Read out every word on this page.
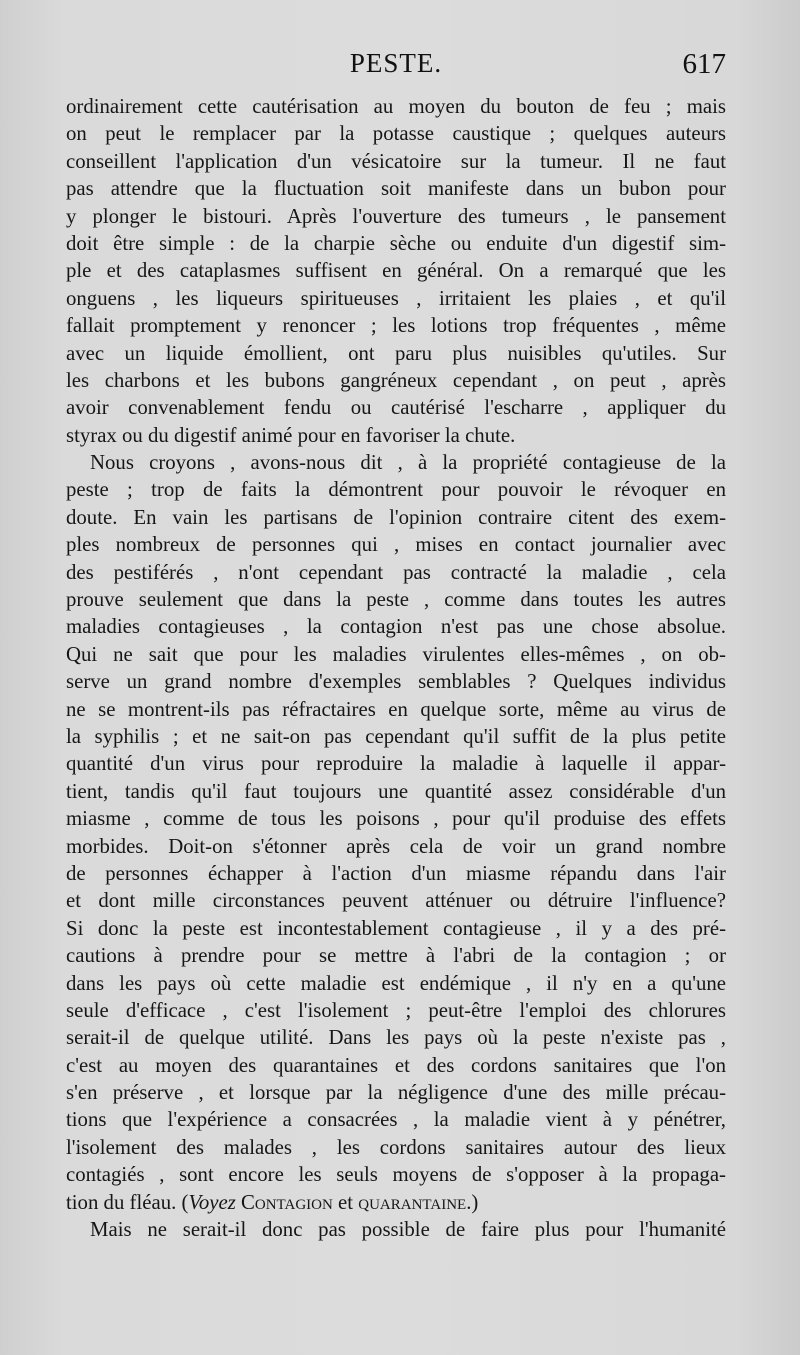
PESTE.	617
ordinairement cette cautérisation au moyen du bouton de feu ; mais
on peut le remplacer par la potasse caustique ; quelques auteurs
conseillent l'application d'un vésicatoire sur la tumeur. Il ne faut
pas attendre que la fluctuation soit manifeste dans un bubon pour
y plonger le bistouri. Après l'ouverture des tumeurs , le pansement
doit être simple : de la charpie sèche ou enduite d'un digestif sim-
ple et des cataplasmes suffisent en général. On a remarqué que les
onguens , les liqueurs spiritueuses , irritaient les plaies , et qu'il
fallait promptement y renoncer ; les lotions trop fréquentes , même
avec un liquide émollient, ont paru plus nuisibles qu'utiles. Sur
les charbons et les bubons gangréneux cependant , on peut , après
avoir convenablement fendu ou cautérisé l'escharre , appliquer du
styrax ou du digestif animé pour en favoriser la chute.
Nous croyons , avons-nous dit , à la propriété contagieuse de la
peste ; trop de faits la démontrent pour pouvoir le révoquer en
doute. En vain les partisans de l'opinion contraire citent des exem-
ples nombreux de personnes qui , mises en contact journalier avec
des pestiférés , n'ont cependant pas contracté la maladie , cela
prouve seulement que dans la peste , comme dans toutes les autres
maladies contagieuses , la contagion n'est pas une chose absolue.
Qui ne sait que pour les maladies virulentes elles-mêmes , on ob-
serve un grand nombre d'exemples semblables ? Quelques individus
ne se montrent-ils pas réfractaires en quelque sorte, même au virus de
la syphilis ; et ne sait-on pas cependant qu'il suffit de la plus petite
quantité d'un virus pour reproduire la maladie à laquelle il appar-
tient, tandis qu'il faut toujours une quantité assez considérable d'un
miasme , comme de tous les poisons , pour qu'il produise des effets
morbides. Doit-on s'étonner après cela de voir un grand nombre
de personnes échapper à l'action d'un miasme répandu dans l'air
et dont mille circonstances peuvent atténuer ou détruire l'influence?
Si donc la peste est incontestablement contagieuse , il y a des pré-
cautions à prendre pour se mettre à l'abri de la contagion ; or
dans les pays où cette maladie est endémique , il n'y en a qu'une
seule d'efficace , c'est l'isolement ; peut-être l'emploi des chlorures
serait-il de quelque utilité. Dans les pays où la peste n'existe pas ,
c'est au moyen des quarantaines et des cordons sanitaires que l'on
s'en préserve , et lorsque par la négligence d'une des mille précau-
tions que l'expérience a consacrées , la maladie vient à y pénétrer,
l'isolement des malades , les cordons sanitaires autour des lieux
contagiés , sont encore les seuls moyens de s'opposer à la propaga-
tion du fléau. (Voyez Contagion et quarantaine.)
Mais ne serait-il donc pas possible de faire plus pour l'humanité
